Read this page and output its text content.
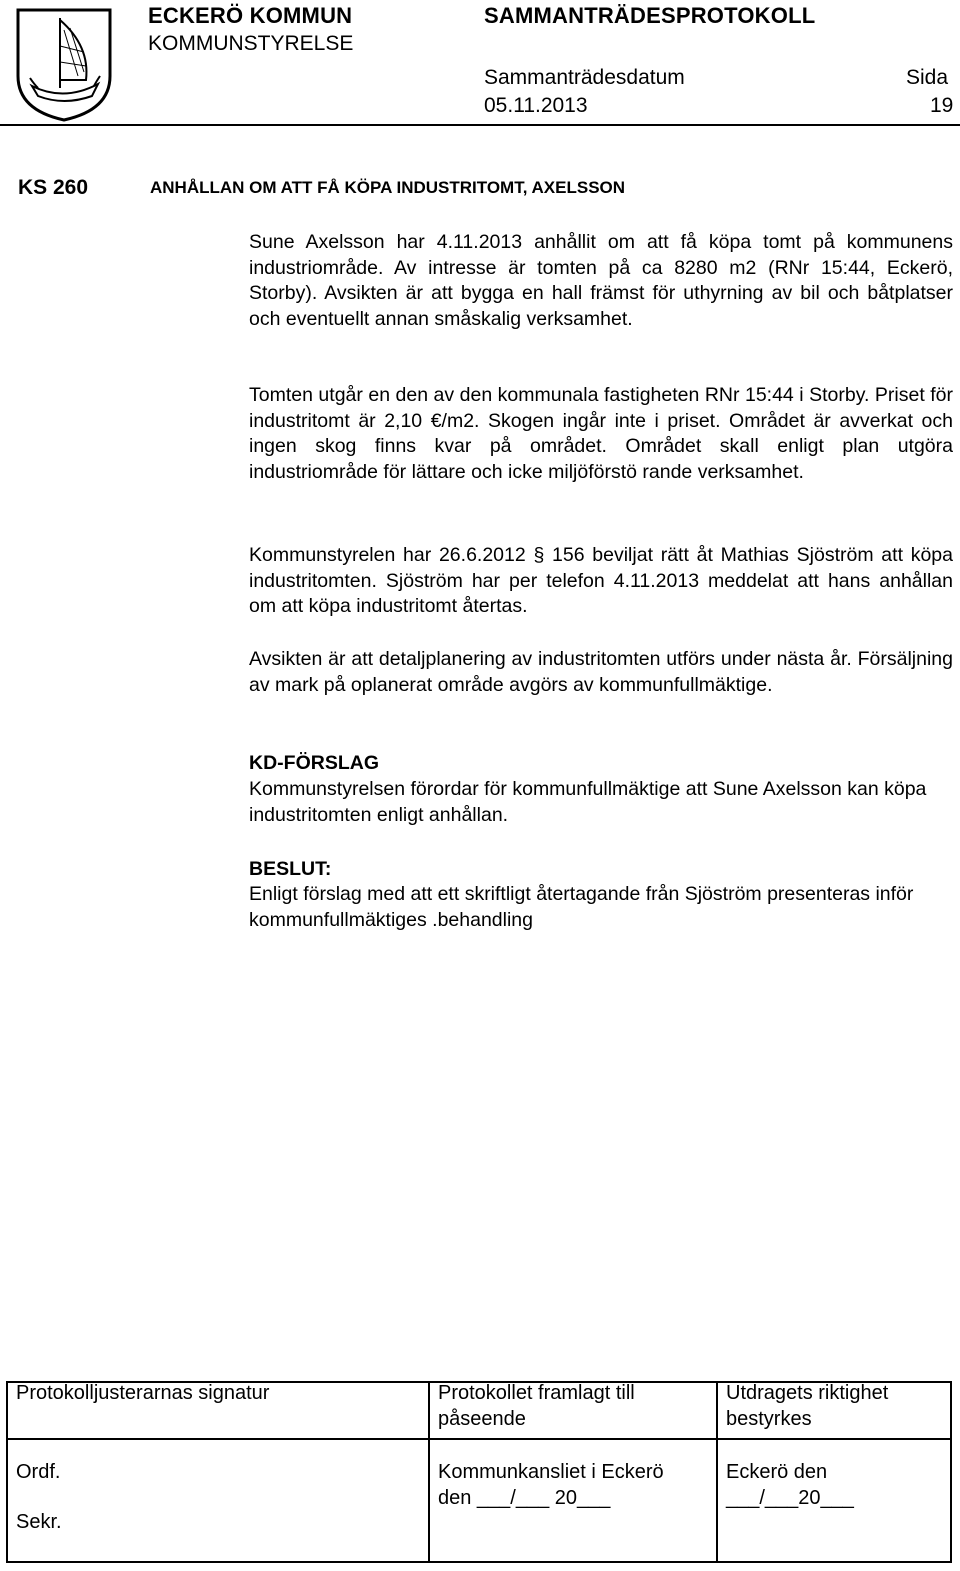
ECKERÖ KOMMUN
KOMMUNSTYRELSE
SAMMANTRÄDESPROTOKOLL
Sammanträdesdatum
05.11.2013
Sida
19
KS 260	ANHÅLLAN OM ATT FÅ KÖPA INDUSTRITOMT, AXELSSON
Sune Axelsson har 4.11.2013 anhållit om att få köpa tomt på kommunens industriområde. Av intresse är tomten på ca 8280 m2 (RNr 15:44, Eckerö, Storby). Avsikten är att bygga en hall främst för uthyrning av bil och båtplatser och eventuellt annan småskalig verksamhet.
Tomten utgår en den av den kommunala fastigheten RNr 15:44 i Storby. Priset för industritomt är 2,10 €/m2. Skogen ingår inte i priset. Området är avverkat och ingen skog finns kvar på området. Området skall enligt plan utgöra industriområde för lättare och icke miljöförstö rande verksamhet.
Kommunstyrelen har 26.6.2012 § 156 beviljat rätt åt Mathias Sjöström att köpa industritomten. Sjöström har per telefon 4.11.2013 meddelat att hans anhållan om att köpa industritomt återtas.
Avsikten är att detaljplanering av industritomten utförs under nästa år. Försäljning av mark på oplanerat område avgörs av kommunfullmäktige.
KD-FÖRSLAG
Kommunstyrelsen förordar för kommunfullmäktige att Sune Axelsson kan köpa industritomten enligt anhållan.
BESLUT:
Enligt förslag med att ett skriftligt återtagande från Sjöström presenteras inför kommunfullmäktiges .behandling
Protokolljusterarnas signatur
Ordf.
Sekr.
Protokollet framlagt till påseende
Kommunkansliet i Eckerö
den ___/___ 20___
Utdragets riktighet bestyrkes
Eckerö den
___/___20___
